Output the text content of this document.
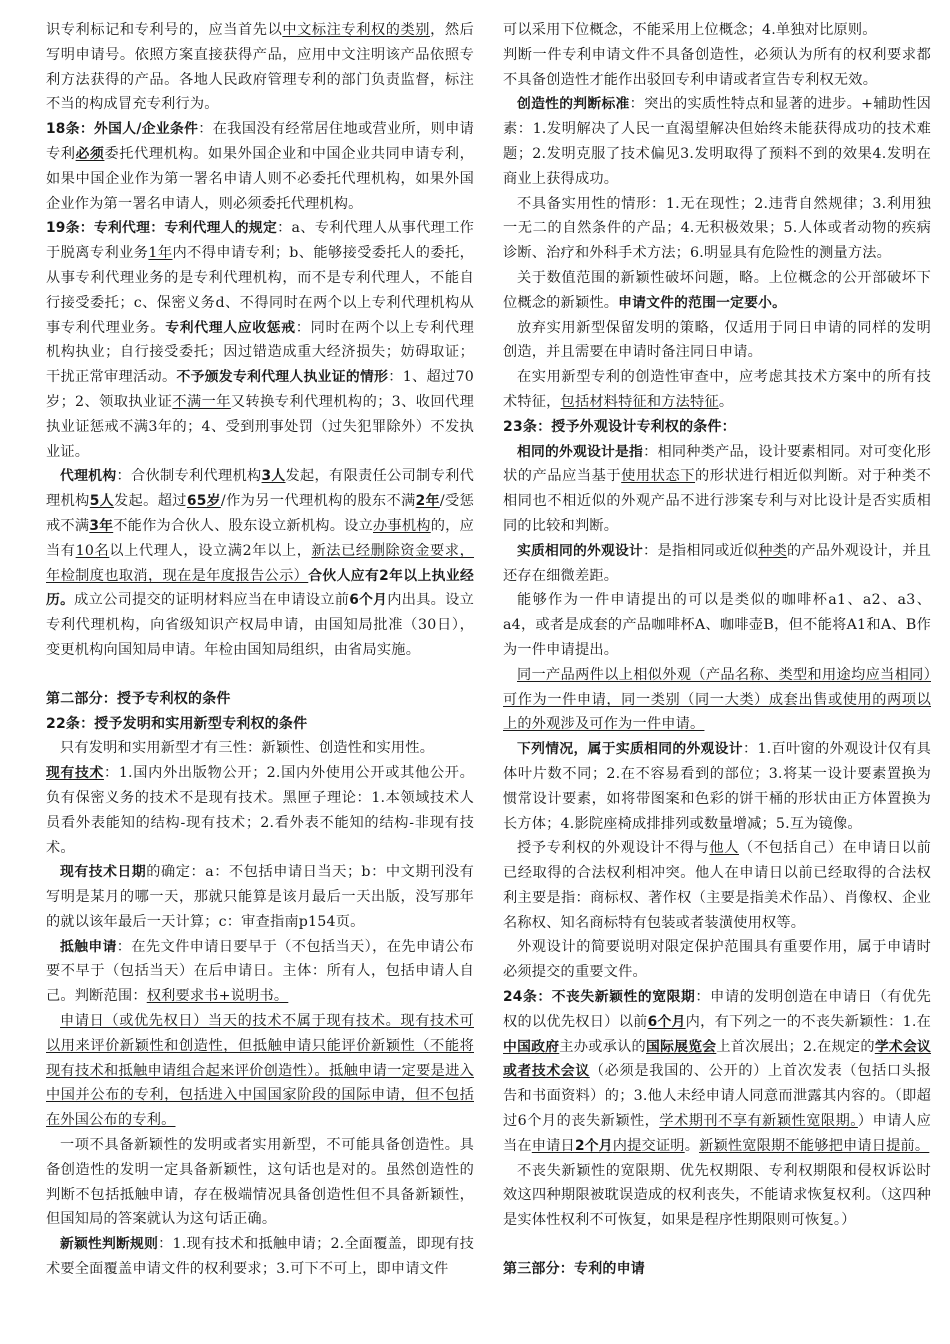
识专利标记和专利号的，应当首先以中文标注专利权的类别，然后写明申请号。依照方案直接获得产品，应用中文注明该产品依照专利方法获得的产品。各地人民政府管理专利的部门负责监督，标注不当的构成冒充专利行为。

18条：外国人/企业条件：在我国没有经常居住地或营业所，则申请专利必须委托代理机构。如果外国企业和中国企业共同申请专利，如果中国企业作为第一署名申请人则不必委托代理机构，如果外国企业作为第一署名申请人，则必须委托代理机构。

19条：专利代理：专利代理人的规定：a、专利代理人从事代理工作于脱离专利业务1年内不得申请专利；b、能够接受委托人的委托，从事专利代理业务的是专利代理机构，而不是专利代理人，不能自行接受委托；c、保密义务d、不得同时在两个以上专利代理机构从事专利代理业务。专利代理人应收惩戒：同时在两个以上专利代理机构执业；自行接受委托；因过错造成重大经济损失；妨碍取证；干扰正常审理活动。不予颁发专利代理人执业证的情形：1、超过70岁；2、领取执业证不满一年又转换专利代理机构的；3、收回代理执业证惩戒不满3年的；4、受到刑事处罚（过失犯罪除外）不发执业证。

代理机构：合伙制专利代理机构3人发起，有限责任公司制专利代理机构5人发起。超过65岁/作为另一代理机构的股东不满2年/受惩戒不满3年不能作为合伙人、股东设立新机构。设立办事机构的，应当有10名以上代理人，设立满2年以上，新法已经删除资金要求，年检制度也取消，现在是年度报告公示）合伙人应有2年以上执业经历。成立公司提交的证明材料应当在申请设立前6个月内出具。设立专利代理机构，向省级知识产权局申请，由国知局批准（30日），变更机构向国知局申请。年检由国知局组织，由省局实施。

第二部分：授予专利权的条件

22条：授予发明和实用新型专利权的条件

只有发明和实用新型才有三性：新颖性、创造性和实用性。

现有技术：1.国内外出版物公开；2.国内外使用公开或其他公开。负有保密义务的技术不是现有技术。黑匣子理论：1.本领域技术人员看外表能知的结构-现有技术；2.看外表不能知的结构-非现有技术。

现有技术日期的确定：a：不包括申请日当天；b：中文期刊没有写明是某月的哪一天，那就只能算是该月最后一天出版，没写那年的就以该年最后一天计算；c：审查指南p154页。

抵触申请：在先文件申请日要早于（不包括当天），在先申请公布要不早于（包括当天）在后申请日。主体：所有人，包括申请人自己。判断范围：权利要求书+说明书。

申请日（或优先权日）当天的技术不属于现有技术。现有技术可以用来评价新颖性和创造性，但抵触申请只能评价新颖性（不能将现有技术和抵触申请组合起来评价创造性）。抵触申请一定要是进入中国并公布的专利，包括进入中国国家阶段的国际申请，但不包括在外国公布的专利。

一项不具备新颖性的发明或者实用新型，不可能具备创造性。具备创造性的发明一定具备新颖性，这句话也是对的。虽然创造性的判断不包括抵触申请，存在极端情况具备创造性但不具备新颖性，但国知局的答案就认为这句话正确。

新颖性判断规则：1.现有技术和抵触申请；2.全面覆盖，即现有技术要全面覆盖申请文件的权利要求；3.可下不可上，即申请文件

可以采用下位概念，不能采用上位概念；4.单独对比原则。

判断一件专利申请文件不具备创造性，必须认为所有的权利要求都不具备创造性才能作出驳回专利申请或者宣告专利权无效。

创造性的判断标准：突出的实质性特点和显著的进步。+辅助性因素：1.发明解决了人民一直渴望解决但始终未能获得成功的技术难题；2.发明克服了技术偏见3.发明取得了预料不到的效果4.发明在商业上获得成功。

不具备实用性的情形：1.无在现性；2.违背自然规律；3.利用独一无二的自然条件的产品；4.无积极效果；5.人体或者动物的疾病诊断、治疗和外科手术方法；6.明显具有危险性的测量方法。

关于数值范围的新颖性破坏问题，略。上位概念的公开部破坏下位概念的新颖性。申请文件的范围一定要小。

放弃实用新型保留发明的策略，仅适用于同日申请的同样的发明创造，并且需要在申请时备注同日申请。

在实用新型专利的创造性审查中，应考虑其技术方案中的所有技术特征，包括材料特征和方法特征。

23条：授予外观设计专利权的条件：

相同的外观设计是指：相同种类产品，设计要素相同。对可变化形状的产品应当基于使用状态下的形状进行相近似判断。对于种类不相同也不相近似的外观产品不进行涉案专利与对比设计是否实质相同的比较和判断。

实质相同的外观设计：是指相同或近似种类的产品外观设计，并且还存在细微差距。

能够作为一件申请提出的可以是类似的咖啡杯a1、a2、a3、a4，或者是成套的产品咖啡杯A、咖啡壶B，但不能将A1和A、B作为一件申请提出。

同一产品两件以上相似外观（产品名称、类型和用途均应当相同）可作为一件申请，同一类别（同一大类）成套出售或使用的两项以上的外观涉及可作为一件申请。

下列情况，属于实质相同的外观设计：1.百叶窗的外观设计仅有具体叶片数不同；2.在不容易看到的部位；3.将某一设计要素置换为惯常设计要素，如将带图案和色彩的饼干桶的形状由正方体置换为长方体；4.影院座椅成排排列或数量增减；5.互为镜像。

授予专利权的外观设计不得与他人（不包括自己）在申请日以前已经取得的合法权利相冲突。他人在申请日以前已经取得的合法权利主要是指：商标权、著作权（主要是指美术作品）、肖像权、企业名称权、知名商标特有包装或者装潢使用权等。

外观设计的简要说明对限定保护范围具有重要作用，属于申请时必须提交的重要文件。

24条：不丧失新颖性的宽限期：申请的发明创造在申请日（有优先权的以优先权日）以前6个月内，有下列之一的不丧失新颖性：1.在中国政府主办或承认的国际展览会上首次展出；2.在规定的学术会议或者技术会议（必须是我国的、公开的）上首次发表（包括口头报告和书面资料）的；3.他人未经申请人同意而泄露其内容的。（即超过6个月的丧失新颖性，学术期刊不享有新颖性宽限期。）申请人应当在申请日2个月内提交证明。新颖性宽限期不能够把申请日提前。

不丧失新颖性的宽限期、优先权期限、专利权期限和侵权诉讼时效这四种期限被耽误造成的权利丧失，不能请求恢复权利。（这四种是实体性权利不可恢复，如果是程序性期限则可恢复。）

第三部分：专利的申请
